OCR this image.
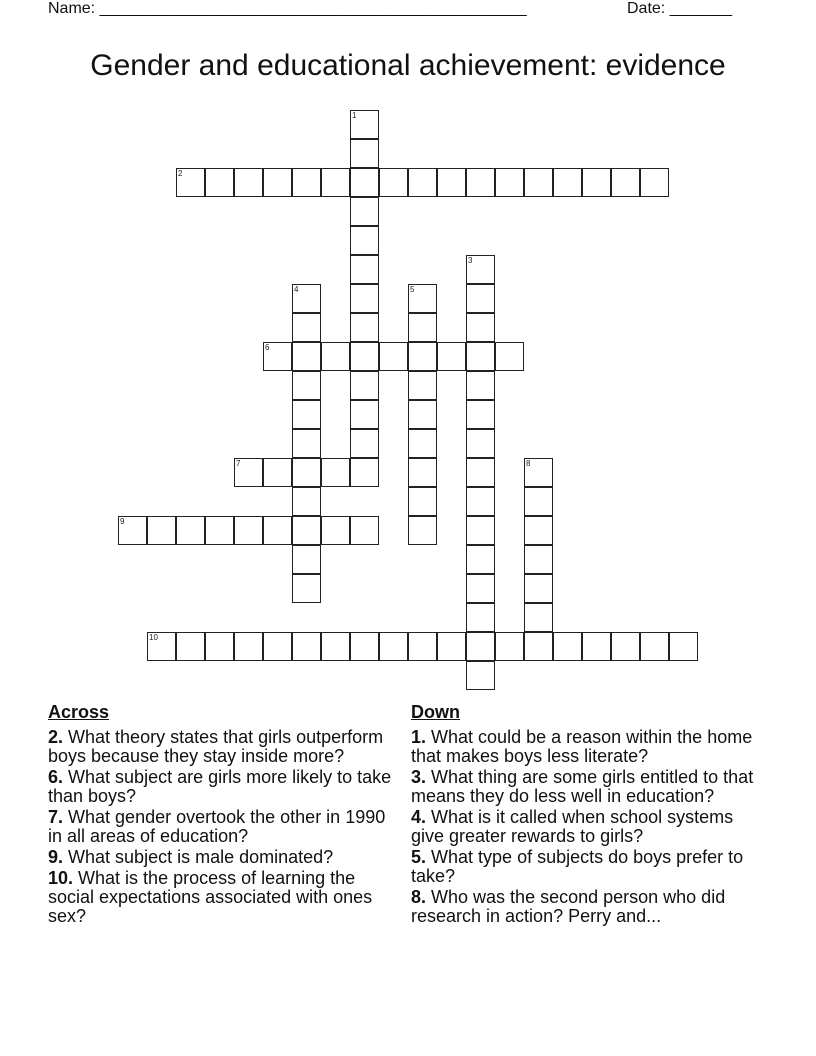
Name: ________________________________________________	Date: _______
Gender and educational achievement: evidence
1
2
3
4	5
6
7	8
9
10
Across
2. What theory states that girls outperform boys because they stay inside more?
6. What subject are girls more likely to take than boys?
7. What gender overtook the other in 1990 in all areas of education?
9. What subject is male dominated?
10. What is the process of learning the social expectations associated with ones sex?
Down
1. What could be a reason within the home that makes boys less literate?
3. What thing are some girls entitled to that means they do less well in education?
4. What is it called when school systems give greater rewards to girls?
5. What type of subjects do boys prefer to take?
8. Who was the second person who did research in action? Perry and...
